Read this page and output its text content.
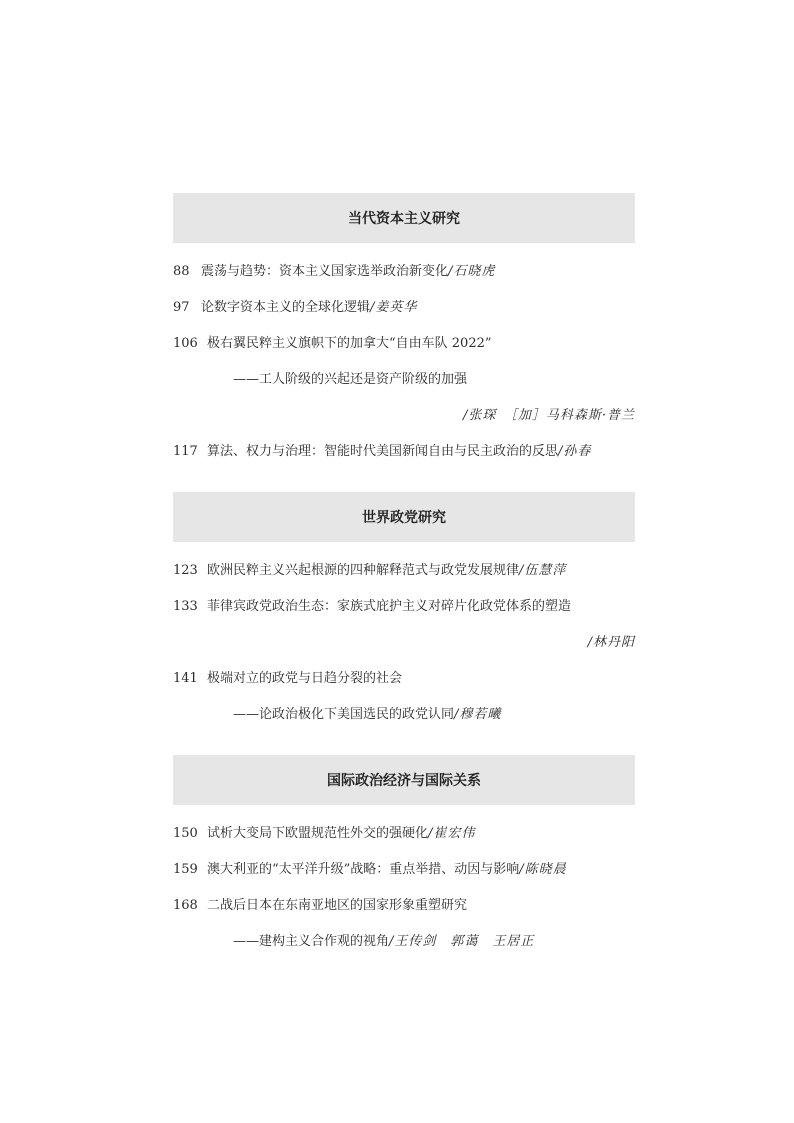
当代资本主义研究
88 震荡与趋势：资本主义国家选举政治新变化 /石晓虎
97 论数字资本主义的全球化逻辑 /姜英华
106 极右翼民粹主义旗帜下的加拿大“自由车队 2022”
——工人阶级的兴起还是资产阶级的加强
/张琛　［加］马科森斯·普兰
117 算法、权力与治理：智能时代美国新闻自由与民主政治的反思 /孙春
世界政党研究
123 欧洲民粹主义兴起根源的四种解释范式与政党发展规律 /伍慧萍
133 菲律宾政党政治生态：家族式庇护主义对碎片化政党体系的塑造
/林丹阳
141 极端对立的政党与日趋分裂的社会
——论政治极化下美国选民的政党认同/穆若曦
国际政治经济与国际关系
150 试析大变局下欧盟规范性外交的强硬化 /崔宏伟
159 澳大利亚的“太平洋升级”战略：重点举措、动因与影响 /陈晓晨
168 二战后日本在东南亚地区的国家形象重塑研究
——建构主义合作观的视角/王传剑　郭蔼　王居正
